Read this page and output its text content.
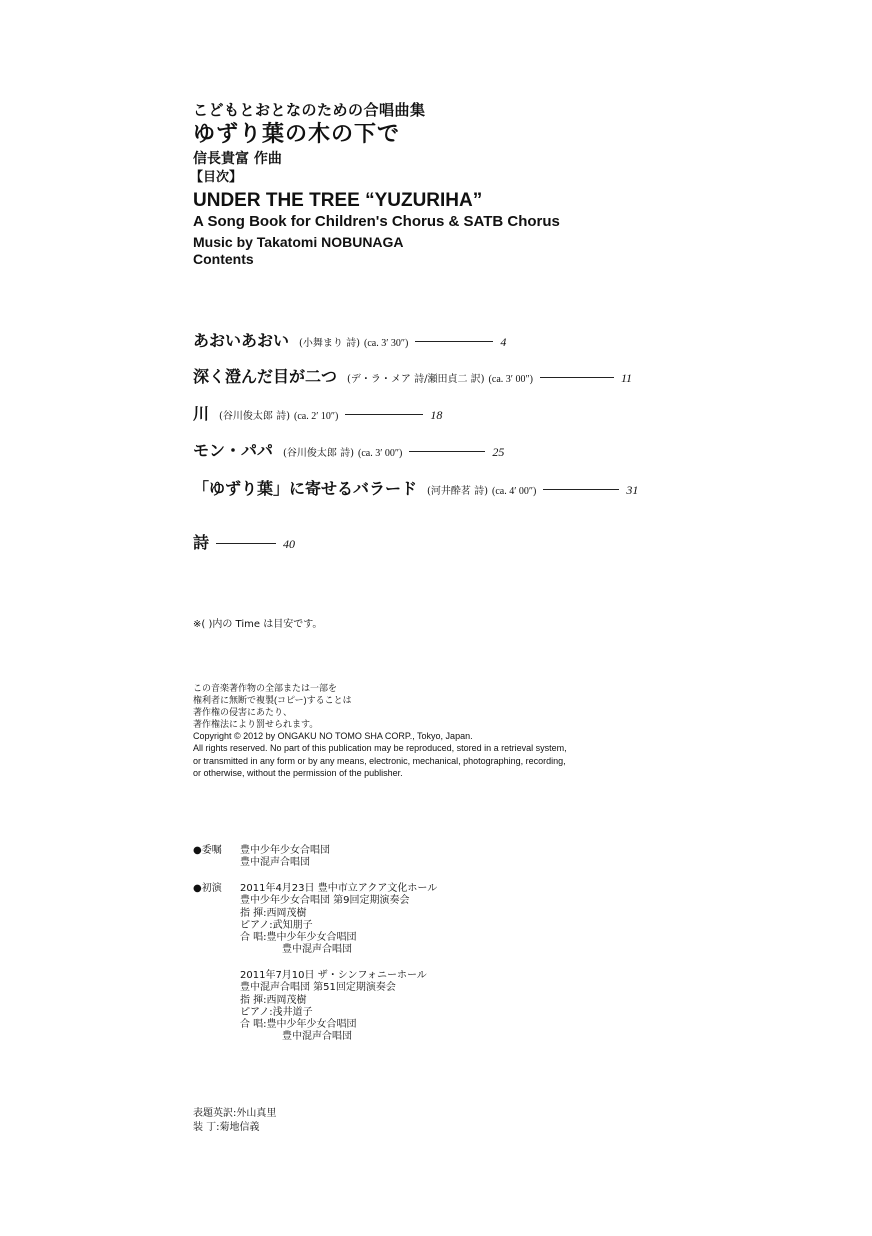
こどもとおとなのための合唱曲集
ゆずり葉の木の下で
信長貴富 作曲
【目次】
UNDER THE TREE “YUZURIHA”
A Song Book for Children's Chorus & SATB Chorus
Music by Takatomi NOBUNAGA
Contents
あおいあおい (小舞まり 詩) (ca. 3′ 30″)	4
深く澄んだ目が二つ (デ・ラ・メア 詩/瀬田貞二 訳) (ca. 3′ 00″)	11
川 (谷川俊太郎 詩) (ca. 2′ 10″)	18
モン・パパ (谷川俊太郎 詩) (ca. 3′ 00″)	25
「ゆずり葉」に寄せるバラード (河井酔茗 詩) (ca. 4′ 00″)	31
詩	40
※( )内の Time は目安です。
この音楽著作物の全部または一部を
権利者に無断で複製(コピー)することは
著作権の侵害にあたり、
著作権法により罰せられます。
Copyright © 2012 by ONGAKU NO TOMO SHA CORP., Tokyo, Japan.
All rights reserved. No part of this publication may be reproduced, stored in a retrieval system,
or transmitted in any form or by any means, electronic, mechanical, photographing, recording,
or otherwise, without the permission of the publisher.
●委嘱 豊中少年少女合唱団
豊中混声合唱団
●初演 2011年4月23日 豊中市立アクア文化ホール
豊中少年少女合唱団 第9回定期演奏会
指 揮:西岡茂樹
ピアノ:武知朋子
合 唱:豊中少年少女合唱団
豊中混声合唱団
2011年7月10日 ザ・シンフォニーホール
豊中混声合唱団 第51回定期演奏会
指 揮:西岡茂樹
ピアノ:浅井道子
合 唱:豊中少年少女合唱団
豊中混声合唱団
表題英訳:外山真里
装 丁:菊地信義
